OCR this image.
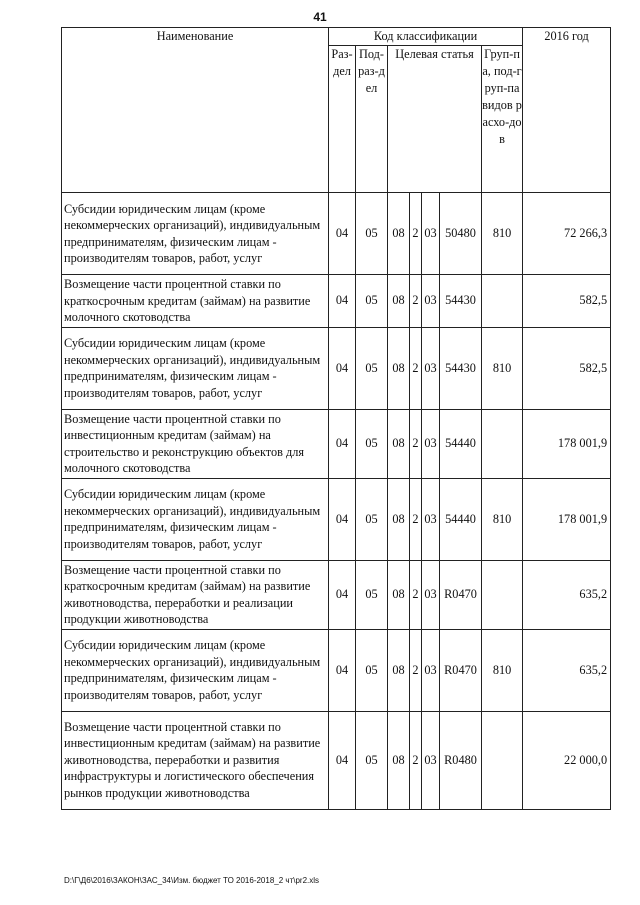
41
Наименование	Код классификации							2016 год
	Раз-дел	Под-раз-дел	Целевая статья				Груп-па, под-груп-па видов расхо-дов	
Субсидии юридическим лицам (кроме некоммерческих организаций), индивидуальным предпринимателям, физическим лицам - производителям товаров, работ, услуг	04	05	08	2	03	50480	810	72 266,3
Возмещение части процентной ставки по краткосрочным кредитам (займам) на развитие молочного скотоводства	04	05	08	2	03	54430		582,5
Субсидии юридическим лицам (кроме некоммерческих организаций), индивидуальным предпринимателям, физическим лицам - производителям товаров, работ, услуг	04	05	08	2	03	54430	810	582,5
Возмещение части процентной ставки по инвестиционным кредитам (займам) на строительство и реконструкцию объектов для молочного скотоводства	04	05	08	2	03	54440		178 001,9
Субсидии юридическим лицам (кроме некоммерческих организаций), индивидуальным предпринимателям, физическим лицам - производителям товаров, работ, услуг	04	05	08	2	03	54440	810	178 001,9
Возмещение части процентной ставки по краткосрочным кредитам (займам) на развитие животноводства, переработки и реализации продукции животноводства	04	05	08	2	03	R0470		635,2
Субсидии юридическим лицам (кроме некоммерческих организаций), индивидуальным предпринимателям, физическим лицам - производителям товаров, работ, услуг	04	05	08	2	03	R0470	810	635,2
Возмещение части процентной ставки по инвестиционным кредитам (займам) на развитие животноводства, переработки и развития инфраструктуры и логистического обеспечения рынков продукции животноводства	04	05	08	2	03	R0480		22 000,0
D:\Г\Д6\2016\ЗАКОН\ЗАС_34\Изм. бюджет ТО 2016-2018_2 чт\pr2.xls
